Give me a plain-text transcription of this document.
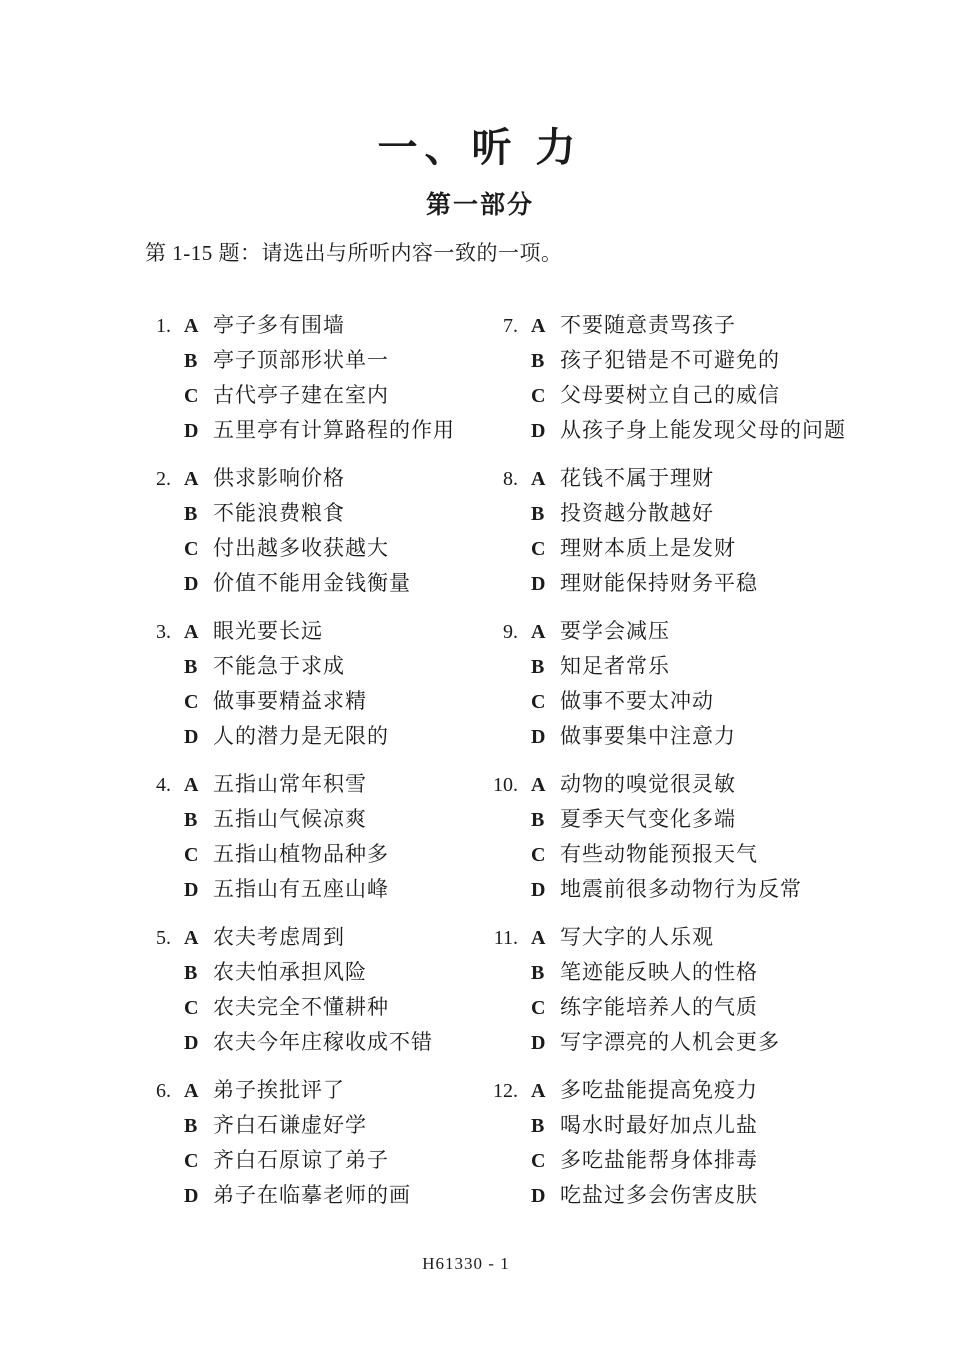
一、听 力
第一部分
第 1-15 题：请选出与所听内容一致的一项。
1. A 亭子多有围墙
B 亭子顶部形状单一
C 古代亭子建在室内
D 五里亭有计算路程的作用
2. A 供求影响价格
B 不能浪费粮食
C 付出越多收获越大
D 价值不能用金钱衡量
3. A 眼光要长远
B 不能急于求成
C 做事要精益求精
D 人的潜力是无限的
4. A 五指山常年积雪
B 五指山气候凉爽
C 五指山植物品种多
D 五指山有五座山峰
5. A 农夫考虑周到
B 农夫怕承担风险
C 农夫完全不懂耕种
D 农夫今年庄稼收成不错
6. A 弟子挨批评了
B 齐白石谦虚好学
C 齐白石原谅了弟子
D 弟子在临摹老师的画
7. A 不要随意责骂孩子
B 孩子犯错是不可避免的
C 父母要树立自己的威信
D 从孩子身上能发现父母的问题
8. A 花钱不属于理财
B 投资越分散越好
C 理财本质上是发财
D 理财能保持财务平稳
9. A 要学会减压
B 知足者常乐
C 做事不要太冲动
D 做事要集中注意力
10. A 动物的嗅觉很灵敏
B 夏季天气变化多端
C 有些动物能预报天气
D 地震前很多动物行为反常
11. A 写大字的人乐观
B 笔迹能反映人的性格
C 练字能培养人的气质
D 写字漂亮的人机会更多
12. A 多吃盐能提高免疫力
B 喝水时最好加点儿盐
C 多吃盐能帮身体排毒
D 吃盐过多会伤害皮肤
H61330 - 1
